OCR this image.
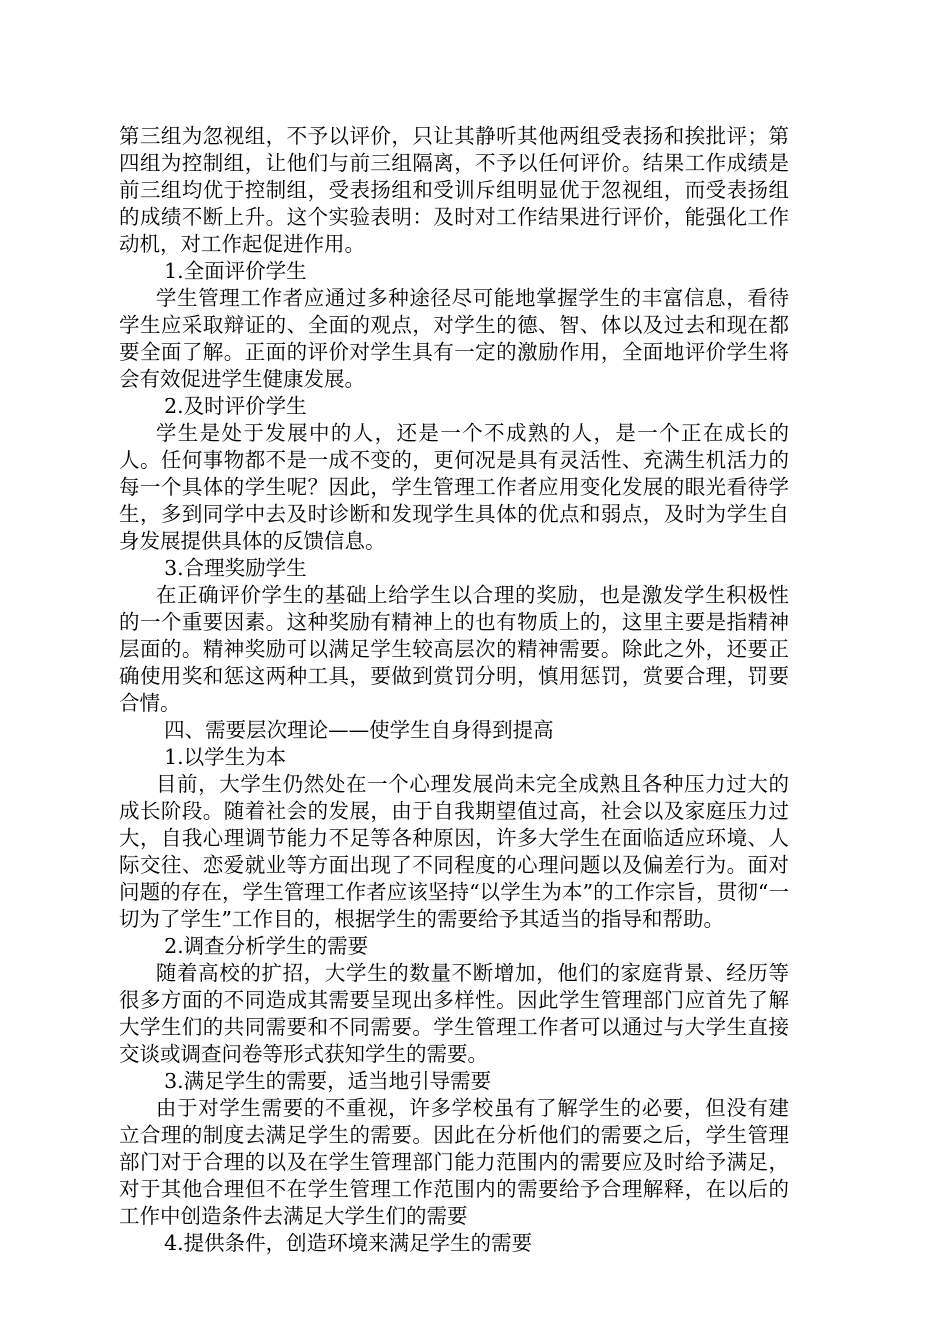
第三组为忽视组，不予以评价，只让其静听其他两组受表扬和挨批评；第四组为控制组，让他们与前三组隔离，不予以任何评价。结果工作成绩是前三组均优于控制组，受表扬组和受训斥组明显优于忽视组，而受表扬组的成绩不断上升。这个实验表明：及时对工作结果进行评价，能强化工作动机，对工作起促进作用。

1.全面评价学生

学生管理工作者应通过多种途径尽可能地掌握学生的丰富信息，看待学生应采取辩证的、全面的观点，对学生的德、智、体以及过去和现在都要全面了解。正面的评价对学生具有一定的激励作用，全面地评价学生将会有效促进学生健康发展。

2.及时评价学生

学生是处于发展中的人，还是一个不成熟的人，是一个正在成长的人。任何事物都不是一成不变的，更何况是具有灵活性、充满生机活力的每一个具体的学生呢？因此，学生管理工作者应用变化发展的眼光看待学生，多到同学中去及时诊断和发现学生具体的优点和弱点，及时为学生自身发展提供具体的反馈信息。

3.合理奖励学生

在正确评价学生的基础上给学生以合理的奖励，也是激发学生积极性的一个重要因素。这种奖励有精神上的也有物质上的，这里主要是指精神层面的。精神奖励可以满足学生较高层次的精神需要。除此之外，还要正确使用奖和惩这两种工具，要做到赏罚分明，慎用惩罚，赏要合理，罚要合情。

四、需要层次理论——使学生自身得到提高

1.以学生为本

目前，大学生仍然处在一个心理发展尚未完全成熟且各种压力过大的成长阶段。随着社会的发展，由于自我期望值过高，社会以及家庭压力过大，自我心理调节能力不足等各种原因，许多大学生在面临适应环境、人际交往、恋爱就业等方面出现了不同程度的心理问题以及偏差行为。面对问题的存在，学生管理工作者应该坚持“以学生为本”的工作宗旨，贯彻“一切为了学生”工作目的，根据学生的需要给予其适当的指导和帮助。

2.调查分析学生的需要

随着高校的扩招，大学生的数量不断增加，他们的家庭背景、经历等很多方面的不同造成其需要呈现出多样性。因此学生管理部门应首先了解大学生们的共同需要和不同需要。学生管理工作者可以通过与大学生直接交谈或调查问卷等形式获知学生的需要。

3.满足学生的需要，适当地引导需要

由于对学生需要的不重视，许多学校虽有了解学生的必要，但没有建立合理的制度去满足学生的需要。因此在分析他们的需要之后，学生管理部门对于合理的以及在学生管理部门能力范围内的需要应及时给予满足，对于其他合理但不在学生管理工作范围内的需要给予合理解释，在以后的工作中创造条件去满足大学生们的需要

4.提供条件，创造环境来满足学生的需要
